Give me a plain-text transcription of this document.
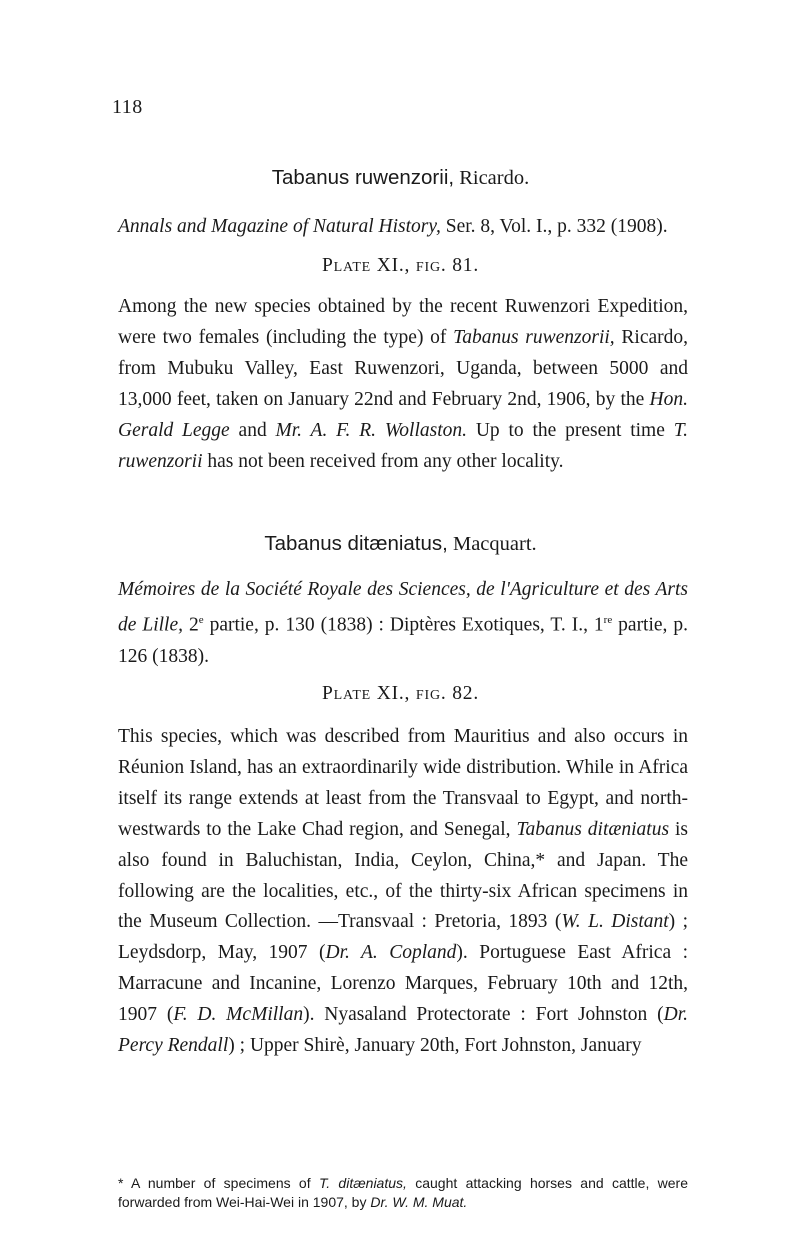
118
Tabanus ruwenzorii, Ricardo.
Annals and Magazine of Natural History, Ser. 8, Vol. I., p. 332 (1908).
Plate XI., fig. 81.

Among the new species obtained by the recent Ruwenzori Expedition, were two females (including the type) of Tabanus ruwenzorii, Ricardo, from Mubuku Valley, East Ruwenzori, Uganda, between 5000 and 13,000 feet, taken on January 22nd and February 2nd, 1906, by the Hon. Gerald Legge and Mr. A. F. R. Wollaston. Up to the present time T. ruwenzorii has not been received from any other locality.

Tabanus ditæniatus, Macquart.
Mémoires de la Société Royale des Sciences, de l'Agriculture et des Arts de Lille, 2e partie, p. 130 (1838) : Diptères Exotiques, T. I., 1re partie, p. 126 (1838).
Plate XI., fig. 82.

This species, which was described from Mauritius and also occurs in Réunion Island, has an extraordinarily wide distribution. While in Africa itself its range extends at least from the Transvaal to Egypt, and north-westwards to the Lake Chad region, and Senegal, Tabanus ditæniatus is also found in Baluchistan, India, Ceylon, China,* and Japan. The following are the localities, etc., of the thirty-six African specimens in the Museum Collection. —Transvaal : Pretoria, 1893 (W. L. Distant) ; Leydsdorp, May, 1907 (Dr. A. Copland). Portuguese East Africa : Marracune and Incanine, Lorenzo Marques, February 10th and 12th, 1907 (F. D. McMillan). Nyasaland Protectorate : Fort Johnston (Dr. Percy Rendall) ; Upper Shirè, January 20th, Fort Johnston, January

* A number of specimens of T. ditæniatus, caught attacking horses and cattle, were forwarded from Wei-Hai-Wei in 1907, by Dr. W. M. Muat.
